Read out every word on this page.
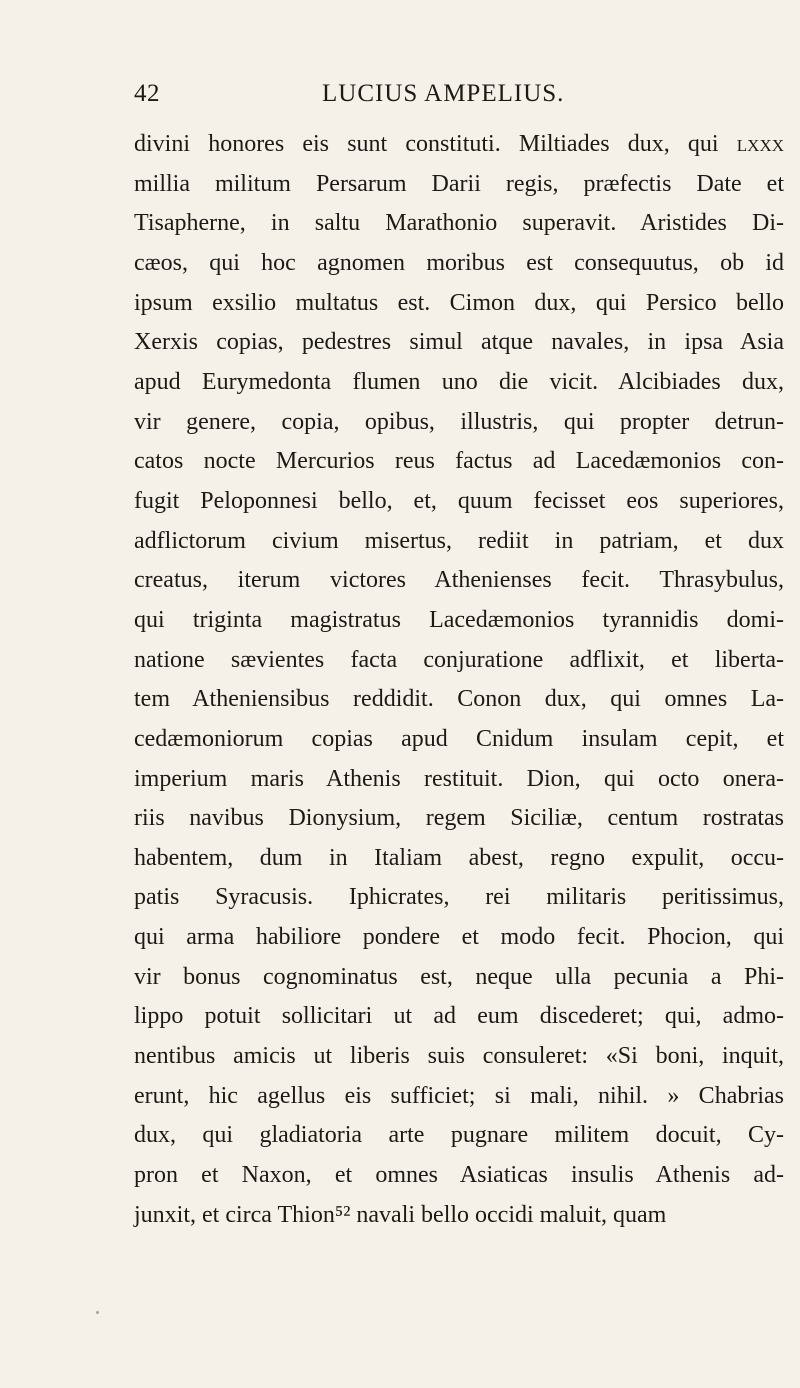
42	LUCIUS AMPELIUS.
divini honores eis sunt constituti. Miltiades dux, qui lxxx
millia militum Persarum Darii regis, præfectis Date et
Tisapherne, in saltu Marathonio superavit. Aristides Di-
cæos, qui hoc agnomen moribus est consequutus, ob id
ipsum exsilio multatus est. Cimon dux, qui Persico bello
Xerxis copias, pedestres simul atque navales, in ipsa Asia
apud Eurymedonta flumen uno die vicit. Alcibiades dux,
vir genere, copia, opibus, illustris, qui propter detrun-
catos nocte Mercurios reus factus ad Lacedæmonios con-
fugit Peloponnesi bello, et, quum fecisset eos superiores,
adflictorum civium misertus, rediit in patriam, et dux
creatus, iterum victores Athenienses fecit. Thrasybulus,
qui triginta magistratus Lacedæmonios tyrannidis domi-
natione sævientes facta conjuratione adflixit, et liberta-
tem Atheniensibus reddidit. Conon dux, qui omnes La-
cedæmoniorum copias apud Cnidum insulam cepit, et
imperium maris Athenis restituit. Dion, qui octo onera-
riis navibus Dionysium, regem Siciliæ, centum rostratas
habentem, dum in Italiam abest, regno expulit, occu-
patis Syracusis. Iphicrates, rei militaris peritissimus,
qui arma habiliore pondere et modo fecit. Phocion, qui
vir bonus cognominatus est, neque ulla pecunia a Phi-
lippo potuit sollicitari ut ad eum discederet; qui, admo-
nentibus amicis ut liberis suis consuleret: «Si boni, inquit,
erunt, hic agellus eis sufficiet; si mali, nihil. » Chabrias
dux, qui gladiatoria arte pugnare militem docuit, Cy-
pron et Naxon, et omnes Asiaticas insulis Athenis ad-
junxit, et circa Thion⁵² navali bello occidi maluit, quam
